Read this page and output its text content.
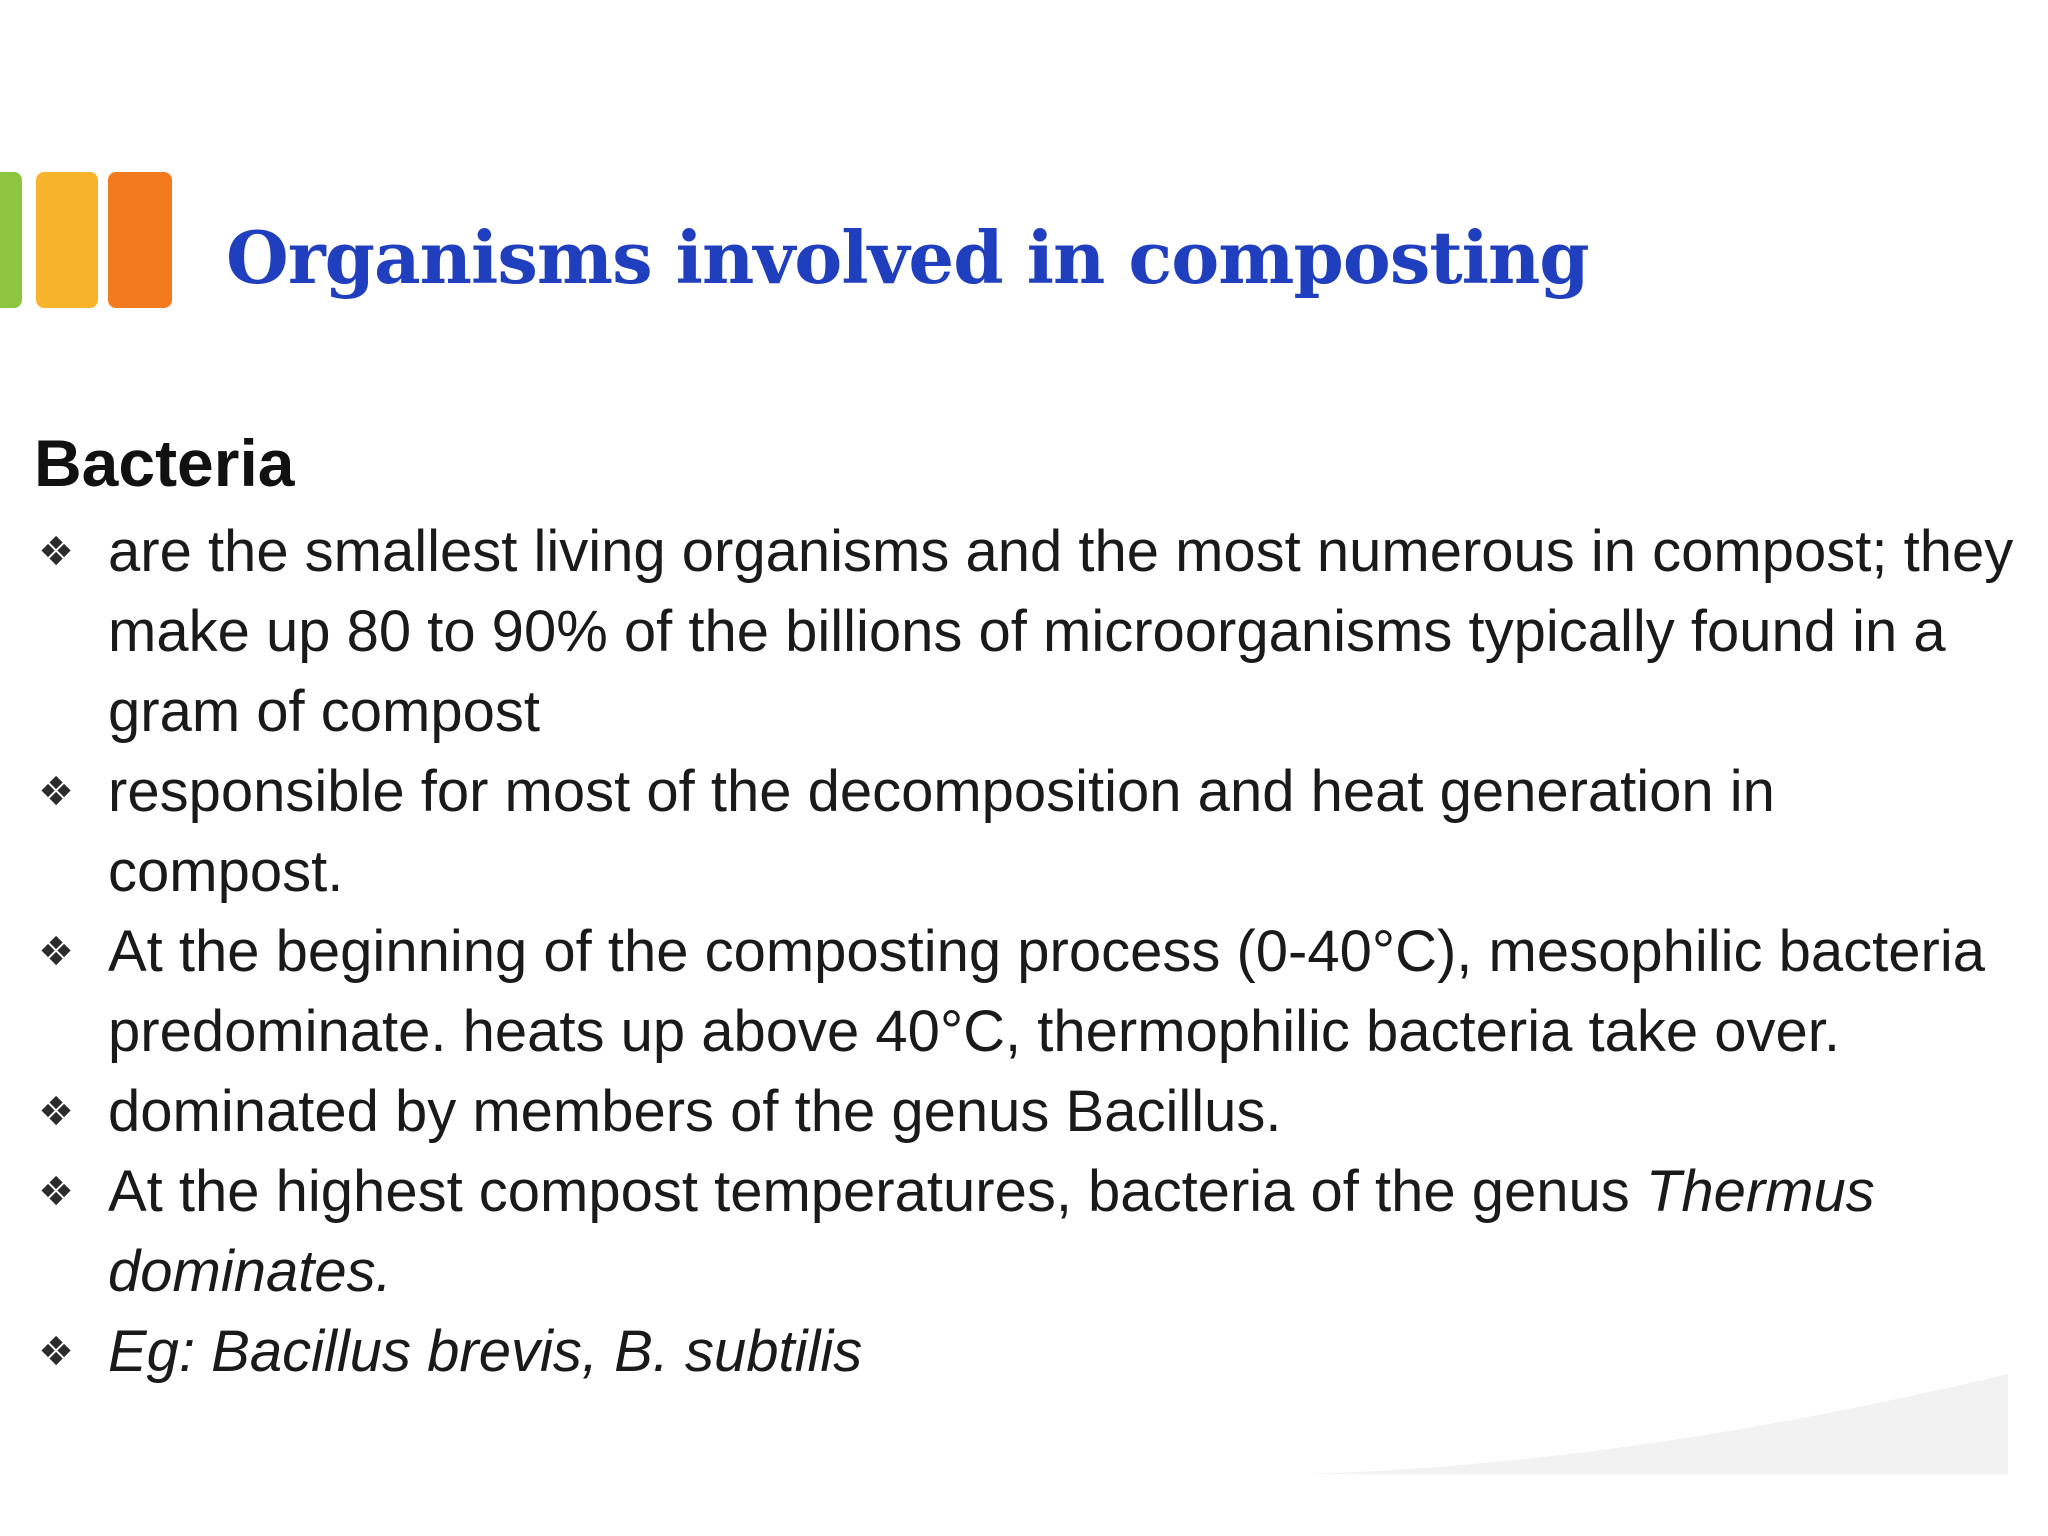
Organisms involved in composting
Bacteria
❖ are the smallest living organisms and the most numerous in compost; they make up 80 to 90% of the billions of microorganisms typically found in a gram of compost
❖ responsible for most of the decomposition and heat generation in compost.
❖ At the beginning of the composting process (0-40°C), mesophilic bacteria predominate. heats up above 40°C, thermophilic bacteria take over.
❖ dominated by members of the genus Bacillus.
❖ At the highest compost temperatures, bacteria of the genus Thermus dominates.
❖ Eg: Bacillus brevis, B. subtilis
